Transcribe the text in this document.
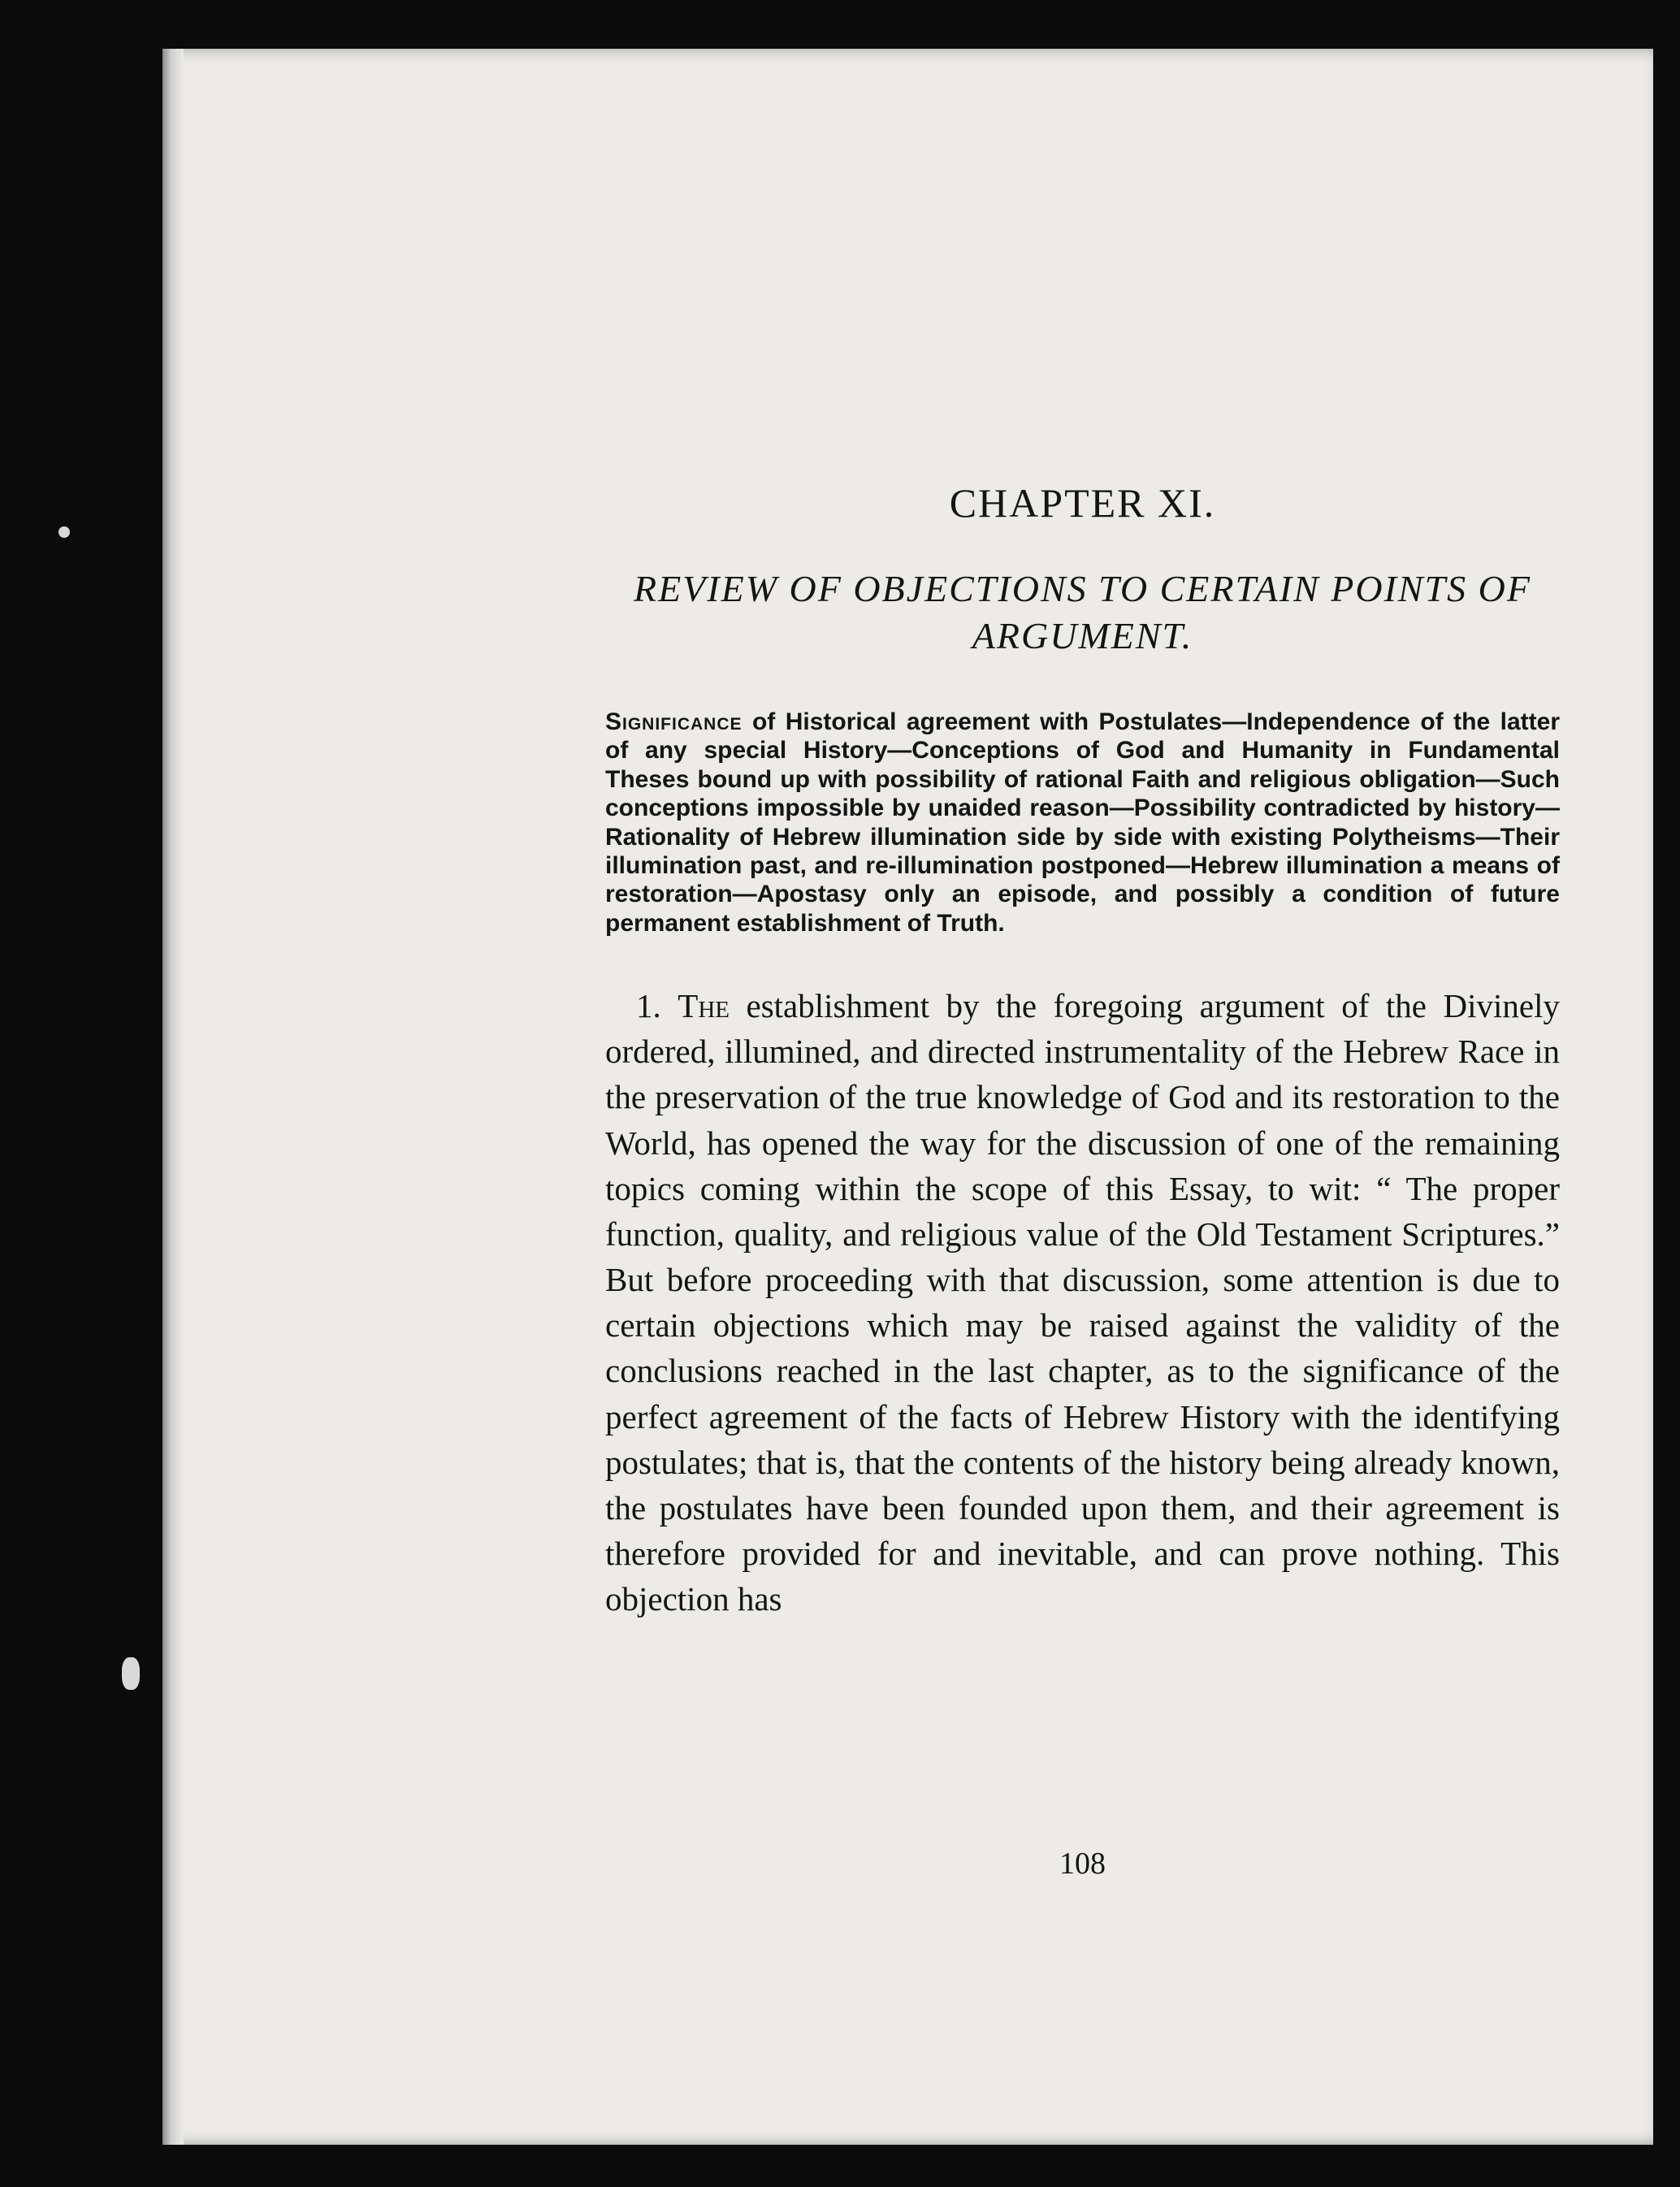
CHAPTER XI.
REVIEW OF OBJECTIONS TO CERTAIN POINTS OF ARGUMENT.

Significance of Historical agreement with Postulates—Independence of the latter of any special History—Conceptions of God and Humanity in Fundamental Theses bound up with possibility of rational Faith and religious obligation—Such conceptions impossible by unaided reason—Possibility contradicted by history—Rationality of Hebrew illumination side by side with existing Polytheisms—Their illumination past, and re-illumination postponed—Hebrew illumination a means of restoration—Apostasy only an episode, and possibly a condition of future permanent establishment of Truth.

1. The establishment by the foregoing argument of the Divinely ordered, illumined, and directed instrumentality of the Hebrew Race in the preservation of the true knowledge of God and its restoration to the World, has opened the way for the discussion of one of the remaining topics coming within the scope of this Essay, to wit: “ The proper function, quality, and religious value of the Old Testament Scriptures.” But before proceeding with that discussion, some attention is due to certain objections which may be raised against the validity of the conclusions reached in the last chapter, as to the significance of the perfect agreement of the facts of Hebrew History with the identifying postulates; that is, that the contents of the history being already known, the postulates have been founded upon them, and their agreement is therefore provided for and inevitable, and can prove nothing. This objection has

108
